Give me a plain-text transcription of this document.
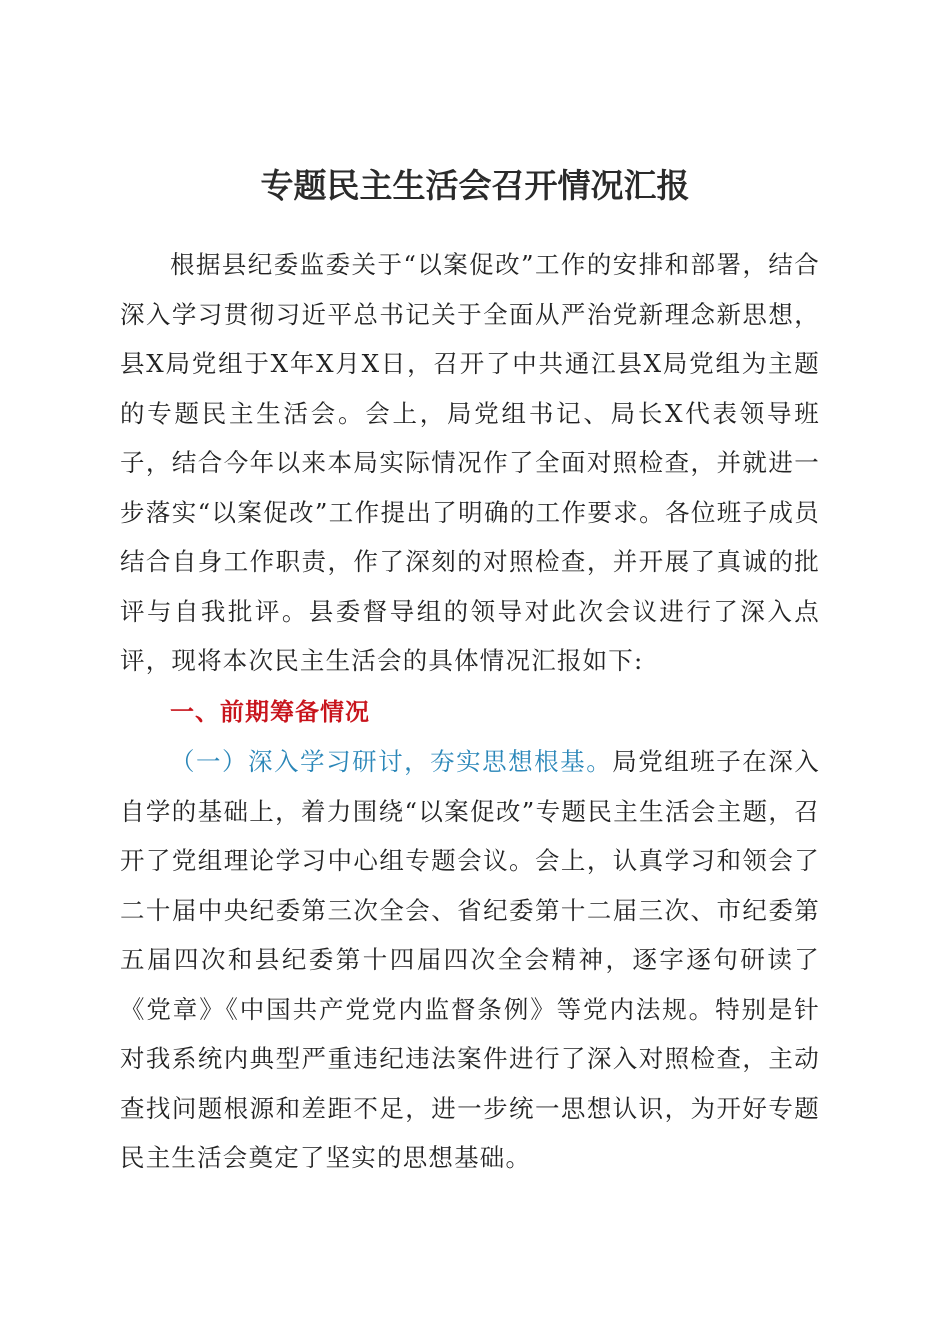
专题民主生活会召开情况汇报

根据县纪委监委关于“以案促改”工作的安排和部署，结合深入学习贯彻习近平总书记关于全面从严治党新理念新思想，县X局党组于X年X月X日，召开了中共通江县X局党组为主题的专题民主生活会。会上，局党组书记、局长X代表领导班子，结合今年以来本局实际情况作了全面对照检查，并就进一步落实“以案促改”工作提出了明确的工作要求。各位班子成员结合自身工作职责，作了深刻的对照检查，并开展了真诚的批评与自我批评。县委督导组的领导对此次会议进行了深入点评，现将本次民主生活会的具体情况汇报如下:

一、前期筹备情况

（一）深入学习研讨，夯实思想根基。局党组班子在深入自学的基础上，着力围绕“以案促改”专题民主生活会主题，召开了党组理论学习中心组专题会议。会上，认真学习和领会了二十届中央纪委第三次全会、省纪委第十二届三次、市纪委第五届四次和县纪委第十四届四次全会精神，逐字逐句研读了《党章》《中国共产党党内监督条例》等党内法规。特别是针对我系统内典型严重违纪违法案件进行了深入对照检查，主动查找问题根源和差距不足，进一步统一思想认识，为开好专题民主生活会奠定了坚实的思想基础。
